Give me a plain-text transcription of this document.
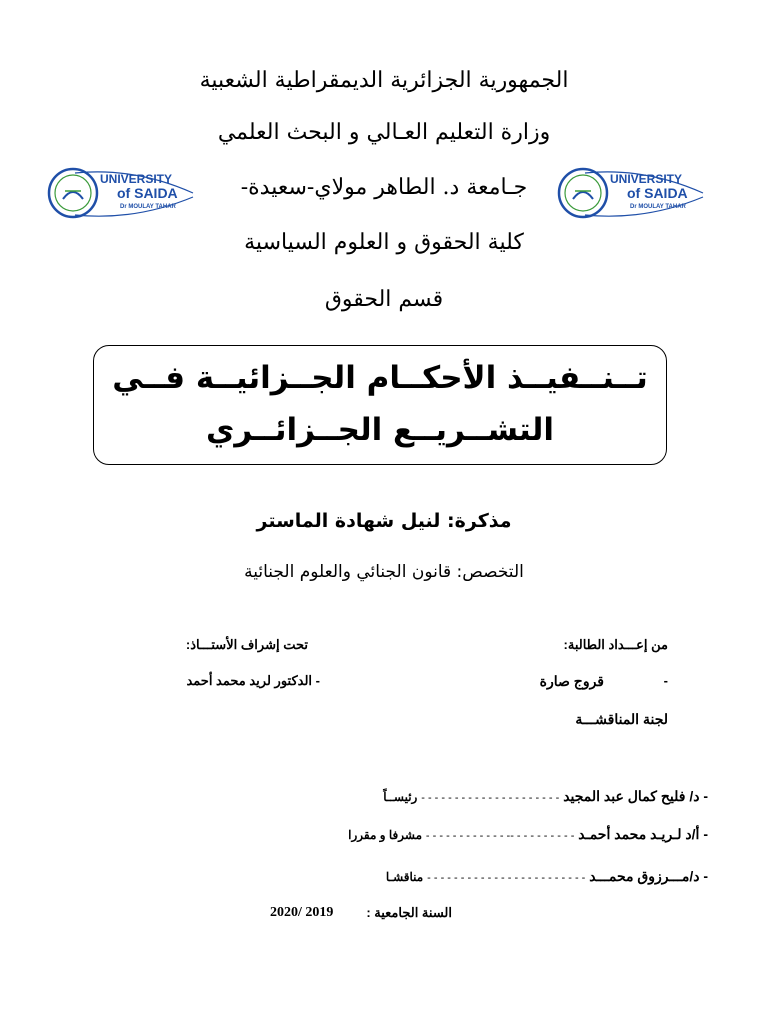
الجمهورية الجزائرية الديمقراطية الشعبية
وزارة التعليم العـالي و البحث العلمي
جـامعة د. الطاهر مولاي-سعيدة-
كلية الحقوق و العلوم السياسية
قسم الحقوق
UNIVERSITY
of SAIDA
Dr MOULAY TAHAR
UNIVERSITY
of SAIDA
Dr MOULAY TAHAR
تــنــفيــذ الأحكــام الجــزائيــة فــي
التشــريــع الجــزائــري
مذكرة: لنيل شهادة الماستر
التخصص: قانون الجنائي والعلوم الجنائية
من إعـــداد الطالبة:
تحت إشراف الأستـــاذ:
-
قروج صارة
- الدكتور لريد محمد أحمد
لجنة المناقشـــة
- د/ فليح كمال عبد المجيد - - - - - - - - - - - - - - - - - - - - - رئيســاً
- أ/د لـريـد محمد أحمـد - - - - - - - - - -- - - - - - - - - - - - - مشرفا و مقررا
- د/مـــرزوق محمـــد - - - - - - - - - - - - - - - - - - - - - - - - مناقشـا
السنة الجامعية :
2020/ 2019
